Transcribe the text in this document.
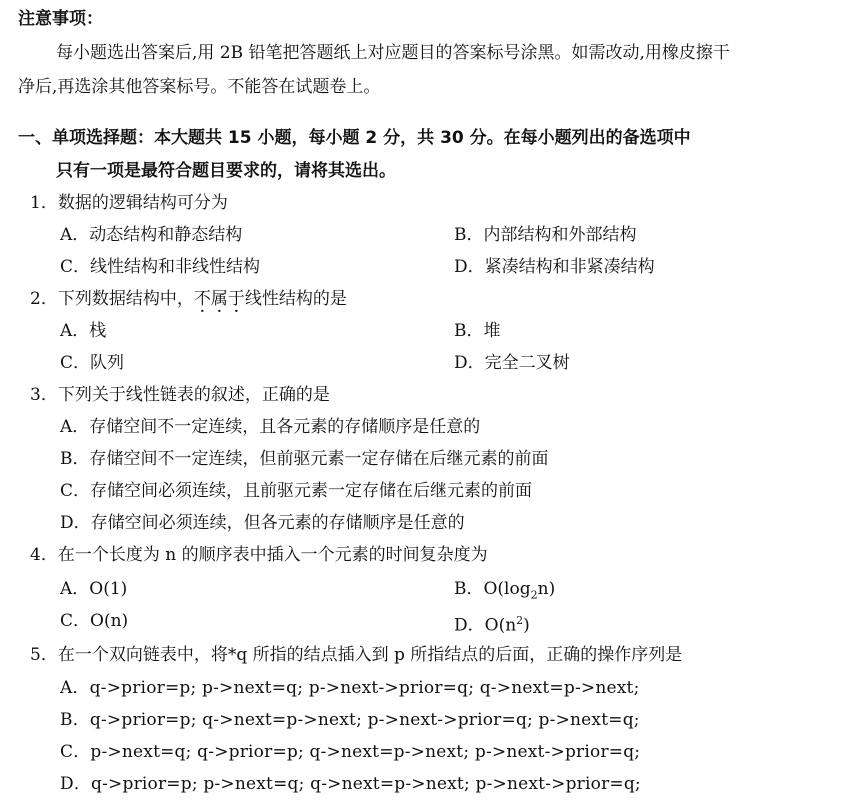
注意事项：
每小题选出答案后,用 2B 铅笔把答题纸上对应题目的答案标号涂黑。如需改动,用橡皮擦干
净后,再选涂其他答案标号。不能答在试题卷上。
一、单项选择题：本大题共 15 小题，每小题 2 分，共 30 分。在每小题列出的备选项中
只有一项是最符合题目要求的，请将其选出。
1．数据的逻辑结构可分为
A．动态结构和静态结构	B．内部结构和外部结构
C．线性结构和非线性结构	D．紧凑结构和非紧凑结构
2．下列数据结构中，不属于线性结构的是
A．栈	B．堆
C．队列	D．完全二叉树
3．下列关于线性链表的叙述，正确的是
A．存储空间不一定连续，且各元素的存储顺序是任意的
B．存储空间不一定连续，但前驱元素一定存储在后继元素的前面
C．存储空间必须连续，且前驱元素一定存储在后继元素的前面
D．存储空间必须连续，但各元素的存储顺序是任意的
4．在一个长度为 n 的顺序表中插入一个元素的时间复杂度为
A．O(1)	B．$O(\log_2n)$
C．O(n)	D．$O(n^2)$
5．在一个双向链表中，将*q 所指的结点插入到 p 所指结点的后面，正确的操作序列是
A．q->prior=p; p->next=q; p->next->prior=q; q->next=p->next;
B．q->prior=p; q->next=p->next; p->next->prior=q; p->next=q;
C．p->next=q; q->prior=p; q->next=p->next; p->next->prior=q;
D．q->prior=p; p->next=q; q->next=p->next; p->next->prior=q;
